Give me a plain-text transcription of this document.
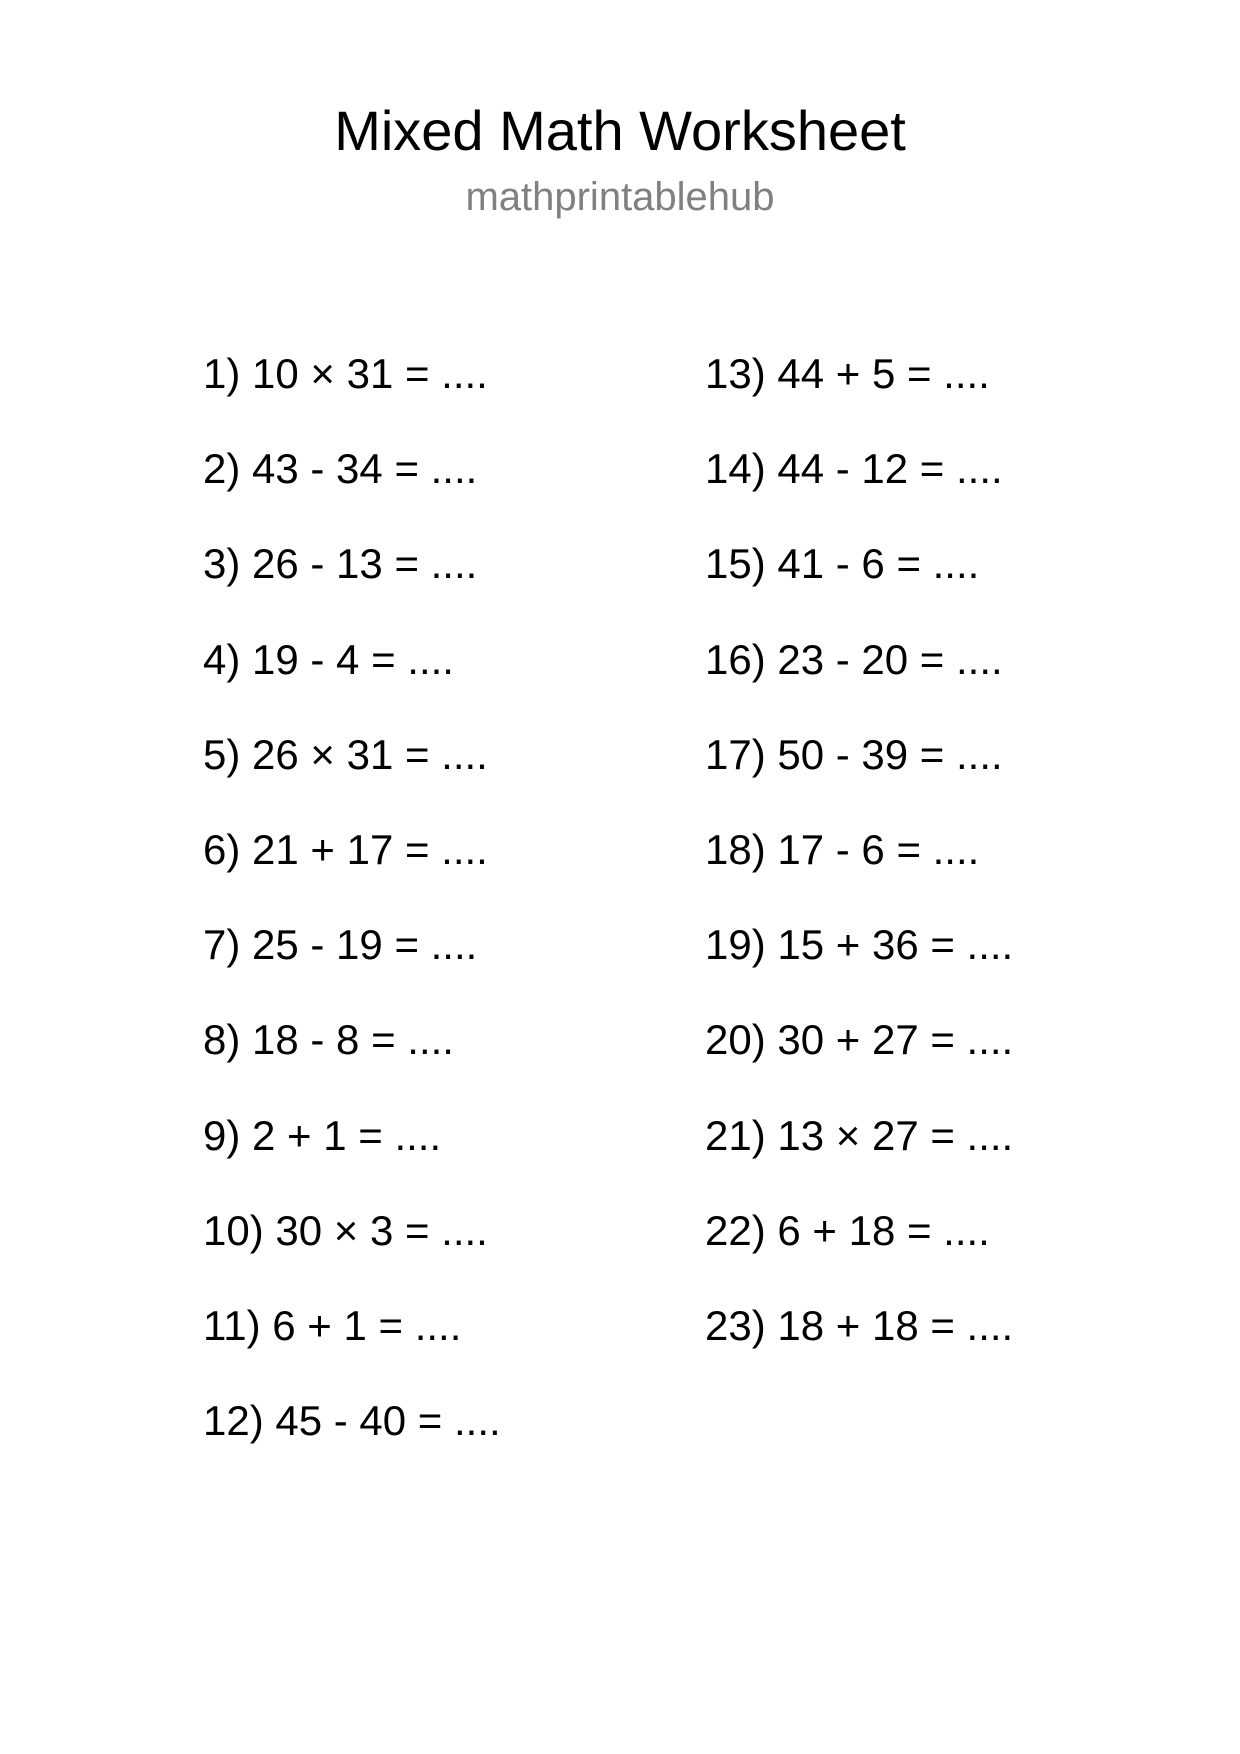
Mixed Math Worksheet
mathprintablehub
1) 10 × 31 = ....
2) 43 - 34 = ....
3) 26 - 13 = ....
4) 19 - 4 = ....
5) 26 × 31 = ....
6) 21 + 17 = ....
7) 25 - 19 = ....
8) 18 - 8 = ....
9) 2 + 1 = ....
10) 30 × 3 = ....
11) 6 + 1 = ....
12) 45 - 40 = ....
13) 44 + 5 = ....
14) 44 - 12 = ....
15) 41 - 6 = ....
16) 23 - 20 = ....
17) 50 - 39 = ....
18) 17 - 6 = ....
19) 15 + 36 = ....
20) 30 + 27 = ....
21) 13 × 27 = ....
22) 6 + 18 = ....
23) 18 + 18 = ....
